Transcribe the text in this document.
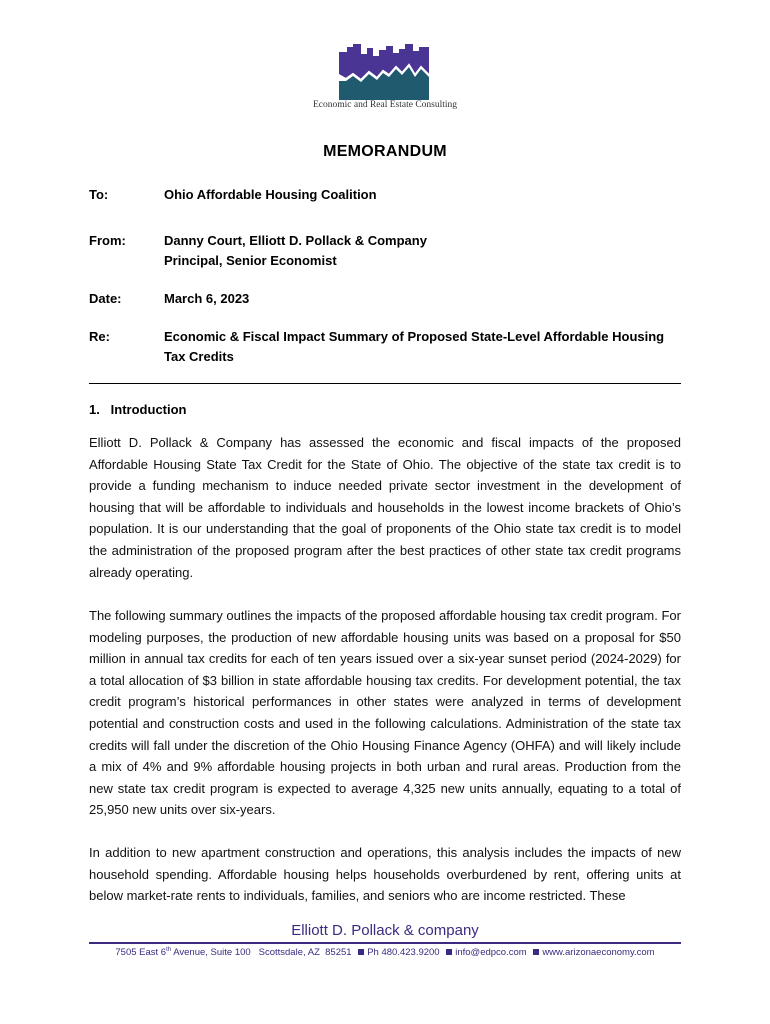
Economic and Real Estate Consulting
MEMORANDUM
To:	Ohio Affordable Housing Coalition
From:	Danny Court, Elliott D. Pollack & Company
Principal, Senior Economist
Date:	March 6, 2023
Re:	Economic & Fiscal Impact Summary of Proposed State-Level Affordable Housing Tax Credits
1.   Introduction

Elliott D. Pollack & Company has assessed the economic and fiscal impacts of the proposed Affordable Housing State Tax Credit for the State of Ohio. The objective of the state tax credit is to provide a funding mechanism to induce needed private sector investment in the development of housing that will be affordable to individuals and households in the lowest income brackets of Ohio’s population. It is our understanding that the goal of proponents of the Ohio state tax credit is to model the administration of the proposed program after the best practices of other state tax credit programs already operating.

The following summary outlines the impacts of the proposed affordable housing tax credit program. For modeling purposes, the production of new affordable housing units was based on a proposal for $50 million in annual tax credits for each of ten years issued over a six-year sunset period (2024-2029) for a total allocation of $3 billion in state affordable housing tax credits. For development potential, the tax credit program’s historical performances in other states were analyzed in terms of development potential and construction costs and used in the following calculations. Administration of the state tax credits will fall under the discretion of the Ohio Housing Finance Agency (OHFA) and will likely include a mix of 4% and 9% affordable housing projects in both urban and rural areas. Production from the new state tax credit program is expected to average 4,325 new units annually, equating to a total of 25,950 new units over six-years.

In addition to new apartment construction and operations, this analysis includes the impacts of new household spending. Affordable housing helps households overburdened by rent, offering units at below market-rate rents to individuals, families, and seniors who are income restricted. These

Elliott D. Pollack & company
7505 East 6th Avenue, Suite 100   Scottsdale, AZ  85251 Ph 480.423.9200 info@edpco.com www.arizonaeconomy.com
